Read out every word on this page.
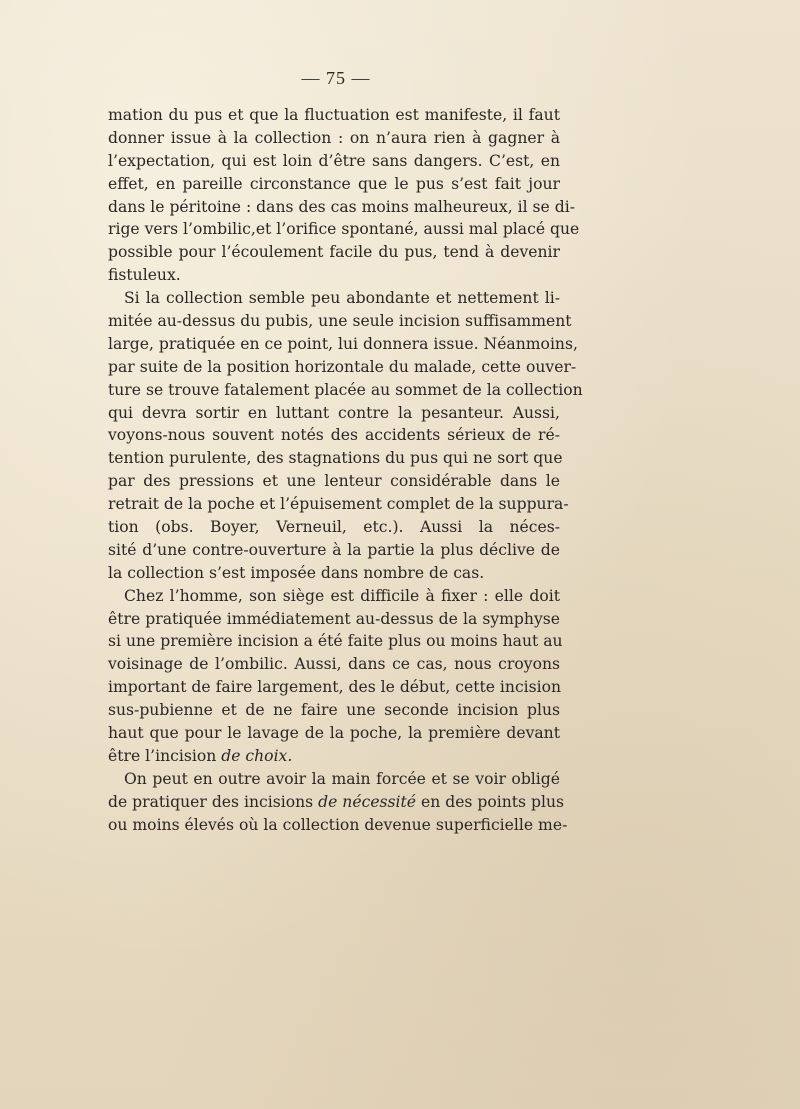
— 75 —
mation du pus et que la fluctuation est manifeste, il faut
donner issue à la collection : on n’aura rien à gagner à
l’expectation, qui est loin d’être sans dangers. C’est, en
effet, en pareille circonstance que le pus s’est fait jour
dans le péritoine : dans des cas moins malheureux, il se di-
rige vers l’ombilic,et l’orifice spontané, aussi mal placé que
possible pour l’écoulement facile du pus, tend à devenir
fistuleux.
Si la collection semble peu abondante et nettement li-
mitée au-dessus du pubis, une seule incision suffisamment
large, pratiquée en ce point, lui donnera issue. Néanmoins,
par suite de la position horizontale du malade, cette ouver-
ture se trouve fatalement placée au sommet de la collection
qui devra sortir en luttant contre la pesanteur. Aussi,
voyons-nous souvent notés des accidents sérieux de ré-
tention purulente, des stagnations du pus qui ne sort que
par des pressions et une lenteur considérable dans le
retrait de la poche et l’épuisement complet de la suppura-
tion (obs. Boyer, Verneuil, etc.). Aussi la néces-
sité d’une contre-ouverture à la partie la plus déclive de
la collection s’est imposée dans nombre de cas.
Chez l’homme, son siège est difficile à fixer : elle doit
être pratiquée immédiatement au-dessus de la symphyse
si une première incision a été faite plus ou moins haut au
voisinage de l’ombilic. Aussi, dans ce cas, nous croyons
important de faire largement, des le début, cette incision
sus-pubienne et de ne faire une seconde incision plus
haut que pour le lavage de la poche, la première devant
être l’incision de choix.
On peut en outre avoir la main forcée et se voir obligé
de pratiquer des incisions de nécessité en des points plus
ou moins élevés où la collection devenue superficielle me-
